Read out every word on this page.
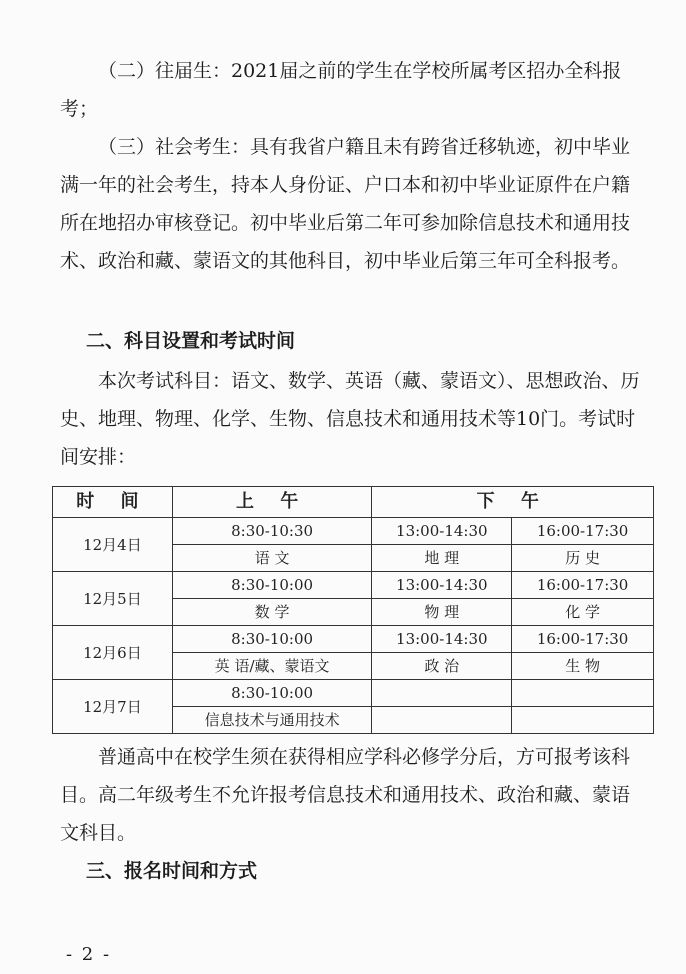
（二）往届生：2021届之前的学生在学校所属考区招办全科报考；

（三）社会考生：具有我省户籍且未有跨省迁移轨迹，初中毕业满一年的社会考生，持本人身份证、户口本和初中毕业证原件在户籍所在地招办审核登记。初中毕业后第二年可参加除信息技术和通用技术、政治和藏、蒙语文的其他科目，初中毕业后第三年可全科报考。

二、科目设置和考试时间

本次考试科目：语文、数学、英语（藏、蒙语文）、思想政治、历史、地理、物理、化学、生物、信息技术和通用技术等10门。考试时间安排：

时 间	上 午	下 午	
12月4日	8:30-10:30	13:00-14:30	16:00-17:30
	语 文	地 理	历 史
12月5日	8:30-10:00	13:00-14:30	16:00-17:30
	数 学	物 理	化 学
12月6日	8:30-10:00	13:00-14:30	16:00-17:30
	英 语/藏、蒙语文	政 治	生 物
12月7日	8:30-10:00		
	信息技术与通用技术		

普通高中在校学生须在获得相应学科必修学分后，方可报考该科目。高二年级考生不允许报考信息技术和通用技术、政治和藏、蒙语文科目。

三、报名时间和方式

- 2 -
